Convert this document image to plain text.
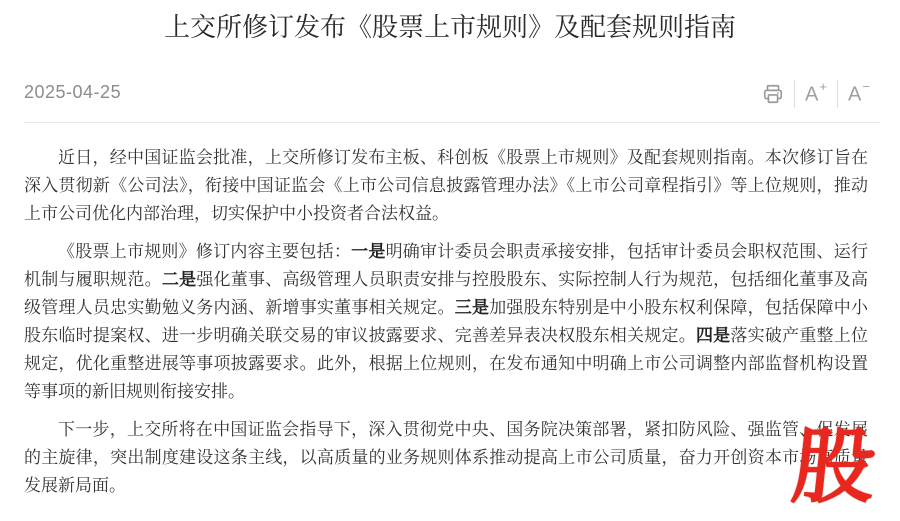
上交所修订发布《股票上市规则》及配套规则指南
2025-04-25	A+ A−

近日，经中国证监会批准，上交所修订发布主板、科创板《股票上市规则》及配套规则指南。本次修订旨在深入贯彻新《公司法》，衔接中国证监会《上市公司信息披露管理办法》《上市公司章程指引》等上位规则，推动上市公司优化内部治理，切实保护中小投资者合法权益。

《股票上市规则》修订内容主要包括：一是明确审计委员会职责承接安排，包括审计委员会职权范围、运行机制与履职规范。二是强化董事、高级管理人员职责安排与控股股东、实际控制人行为规范，包括细化董事及高级管理人员忠实勤勉义务内涵、新增事实董事相关规定。三是加强股东特别是中小股东权利保障，包括保障中小股东临时提案权、进一步明确关联交易的审议披露要求、完善差异表决权股东相关规定。四是落实破产重整上位规定，优化重整进展等事项披露要求。此外，根据上位规则，在发布通知中明确上市公司调整内部监督机构设置等事项的新旧规则衔接安排。

下一步，上交所将在中国证监会指导下，深入贯彻党中央、国务院决策部署，紧扣防风险、强监管、促发展的主旋律，突出制度建设这条主线，以高质量的业务规则体系推动提高上市公司质量，奋力开创资本市场高质量发展新局面。	股
